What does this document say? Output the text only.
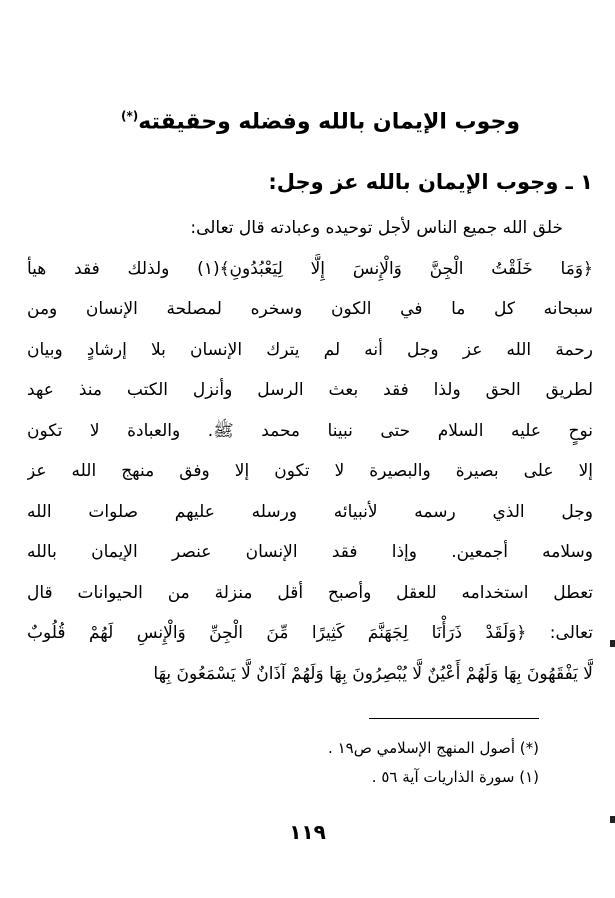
وجوب الإيمان بالله وفضله وحقيقته(*)
١ ـ وجوب الإيمان بالله عز وجل:
خلق الله جميع الناس لأجل توحيده وعبادته قال تعالى:
﴿وَمَا خَلَقْتُ الْجِنَّ وَالْإِنسَ إِلَّا لِيَعْبُدُونِ﴾(١) ولذلك فقد هيأ
سبحانه كل ما في الكون وسخره لمصلحة الإنسان ومن
رحمة الله عز وجل أنه لم يترك الإنسان بلا إرشادٍ وبيان
لطريق الحق ولذا فقد بعث الرسل وأنزل الكتب منذ عهد
نوحٍ عليه السلام حتى نبينا محمد ﷺ. والعبادة لا تكون
إلا على بصيرة والبصيرة لا تكون إلا وفق منهج الله عز
وجل الذي رسمه لأنبيائه ورسله عليهم صلوات الله
وسلامه أجمعين. وإذا فقد الإنسان عنصر الإيمان بالله
تعطل استخدامه للعقل وأصبح أقل منزلة من الحيوانات قال
تعالى: ﴿وَلَقَدْ ذَرَأْنَا لِجَهَنَّمَ كَثِيرًا مِّنَ الْجِنِّ وَالْإِنسِ لَهُمْ قُلُوبٌ
لَّا يَفْقَهُونَ بِهَا وَلَهُمْ أَعْيُنٌ لَّا يُبْصِرُونَ بِهَا وَلَهُمْ آذَانٌ لَّا يَسْمَعُونَ بِهَا
(*) أصول المنهج الإسلامي ص١٩ .
(١) سورة الذاريات آية ٥٦ .
١١٩
